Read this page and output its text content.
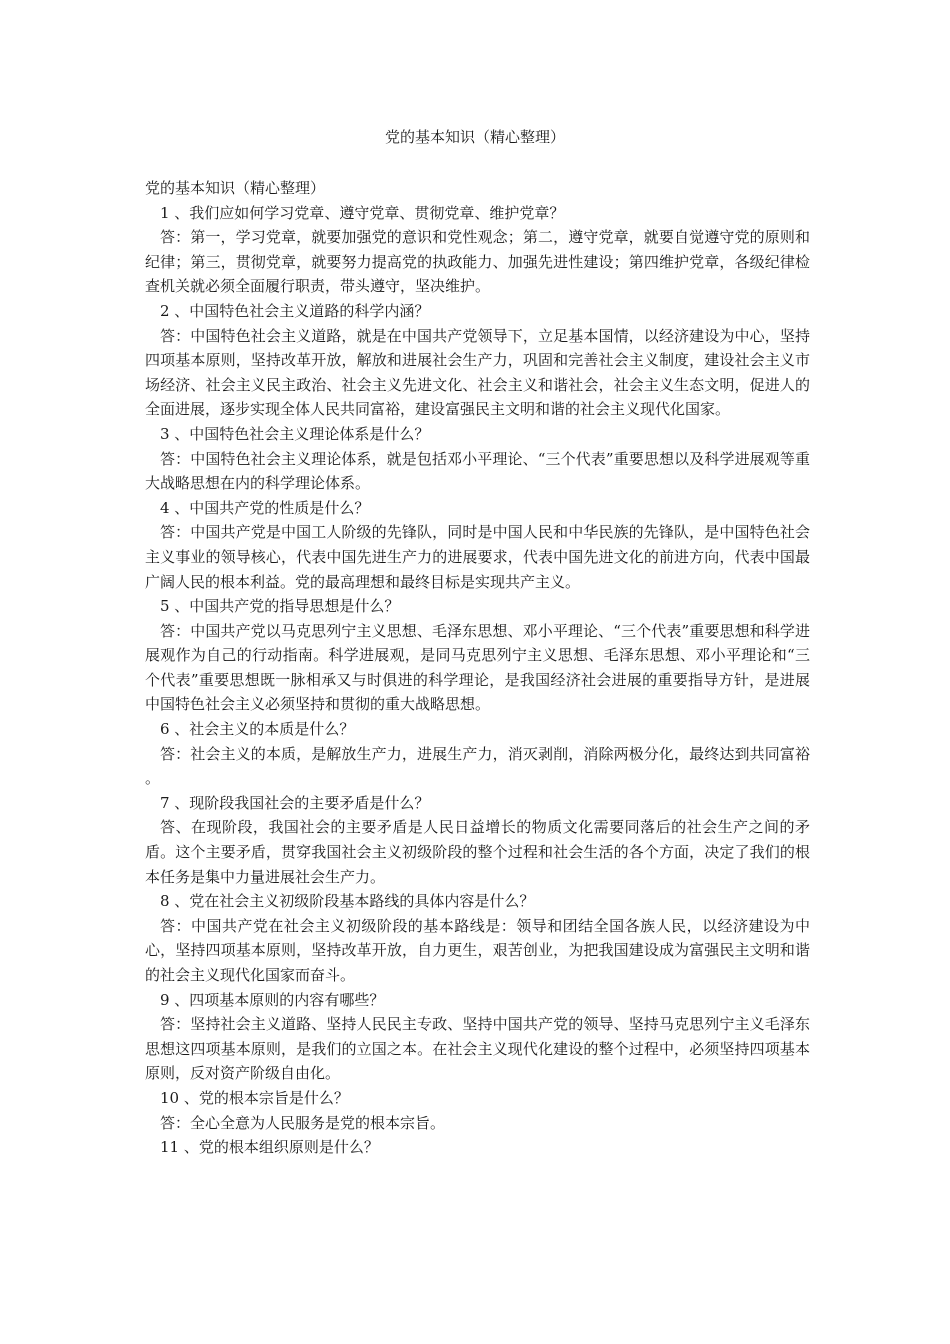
党的基本知识（精心整理）

党的基本知识（精心整理）

1 、我们应如何学习党章、遵守党章、贯彻党章、维护党章？

答：第一，学习党章，就要加强党的意识和党性观念；第二，遵守党章，就要自觉遵守党的原则和纪律；第三，贯彻党章，就要努力提高党的执政能力、加强先进性建设；第四维护党章，各级纪律检查机关就必须全面履行职责，带头遵守，坚决维护。

2 、中国特色社会主义道路的科学内涵？

答：中国特色社会主义道路，就是在中国共产党领导下，立足基本国情，以经济建设为中心，坚持四项基本原则，坚持改革开放，解放和进展社会生产力，巩固和完善社会主义制度，建设社会主义市场经济、社会主义民主政治、社会主义先进文化、社会主义和谐社会，社会主义生态文明，促进人的全面进展，逐步实现全体人民共同富裕，建设富强民主文明和谐的社会主义现代化国家。

3 、中国特色社会主义理论体系是什么？

答：中国特色社会主义理论体系，就是包括邓小平理论、“三个代表”重要思想以及科学进展观等重大战略思想在内的科学理论体系。

4 、中国共产党的性质是什么？

答：中国共产党是中国工人阶级的先锋队，同时是中国人民和中华民族的先锋队，是中国特色社会主义事业的领导核心，代表中国先进生产力的进展要求，代表中国先进文化的前进方向，代表中国最广阔人民的根本利益。党的最高理想和最终目标是实现共产主义。

5 、中国共产党的指导思想是什么？

答：中国共产党以马克思列宁主义思想、毛泽东思想、邓小平理论、“三个代表”重要思想和科学进展观作为自己的行动指南。科学进展观，是同马克思列宁主义思想、毛泽东思想、邓小平理论和“三个代表”重要思想既一脉相承又与时俱进的科学理论，是我国经济社会进展的重要指导方针，是进展中国特色社会主义必须坚持和贯彻的重大战略思想。

6 、社会主义的本质是什么？

答：社会主义的本质，是解放生产力，进展生产力，消灭剥削，消除两极分化，最终达到共同富裕 。

7 、现阶段我国社会的主要矛盾是什么？

答、在现阶段，我国社会的主要矛盾是人民日益增长的物质文化需要同落后的社会生产之间的矛盾。这个主要矛盾，贯穿我国社会主义初级阶段的整个过程和社会生活的各个方面，决定了我们的根本任务是集中力量进展社会生产力。

8 、党在社会主义初级阶段基本路线的具体内容是什么？

答：中国共产党在社会主义初级阶段的基本路线是：领导和团结全国各族人民，以经济建设为中心，坚持四项基本原则，坚持改革开放，自力更生，艰苦创业，为把我国建设成为富强民主文明和谐的社会主义现代化国家而奋斗。

9 、四项基本原则的内容有哪些？

答：坚持社会主义道路、坚持人民民主专政、坚持中国共产党的领导、坚持马克思列宁主义毛泽东思想这四项基本原则，是我们的立国之本。在社会主义现代化建设的整个过程中，必须坚持四项基本原则，反对资产阶级自由化。

10 、党的根本宗旨是什么？

答：全心全意为人民服务是党的根本宗旨。

11 、党的根本组织原则是什么？
